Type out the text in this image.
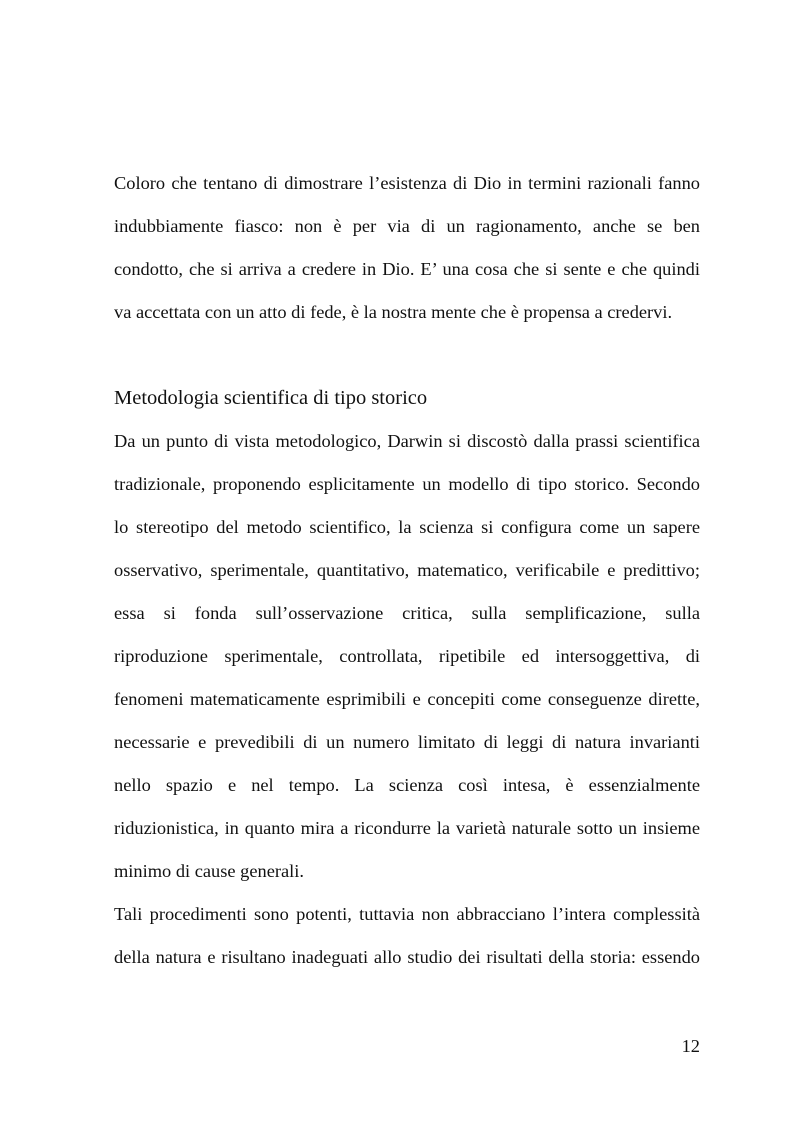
Coloro che tentano di dimostrare l’esistenza di Dio in termini razionali fanno
indubbiamente fiasco: non è per via di un ragionamento, anche se ben
condotto, che si arriva a credere in Dio. E’ una cosa che si sente e che quindi
va accettata con un atto di fede, è la nostra mente che è propensa a credervi.
Metodologia scientifica di tipo storico
Da un punto di vista metodologico, Darwin si discostò dalla prassi scientifica
tradizionale, proponendo esplicitamente un modello di tipo storico. Secondo
lo stereotipo del metodo scientifico, la scienza si configura come un sapere
osservativo, sperimentale, quantitativo, matematico, verificabile e predittivo;
essa si fonda sull’osservazione critica, sulla semplificazione, sulla
riproduzione sperimentale, controllata, ripetibile ed intersoggettiva, di
fenomeni matematicamente esprimibili e concepiti come conseguenze dirette,
necessarie e prevedibili di un numero limitato di leggi di natura invarianti
nello spazio e nel tempo. La scienza così intesa, è essenzialmente
riduzionistica, in quanto mira a ricondurre la varietà naturale sotto un insieme
minimo di cause generali.
Tali procedimenti sono potenti, tuttavia non abbracciano l’intera complessità
della natura e risultano inadeguati allo studio dei risultati della storia: essendo
12
